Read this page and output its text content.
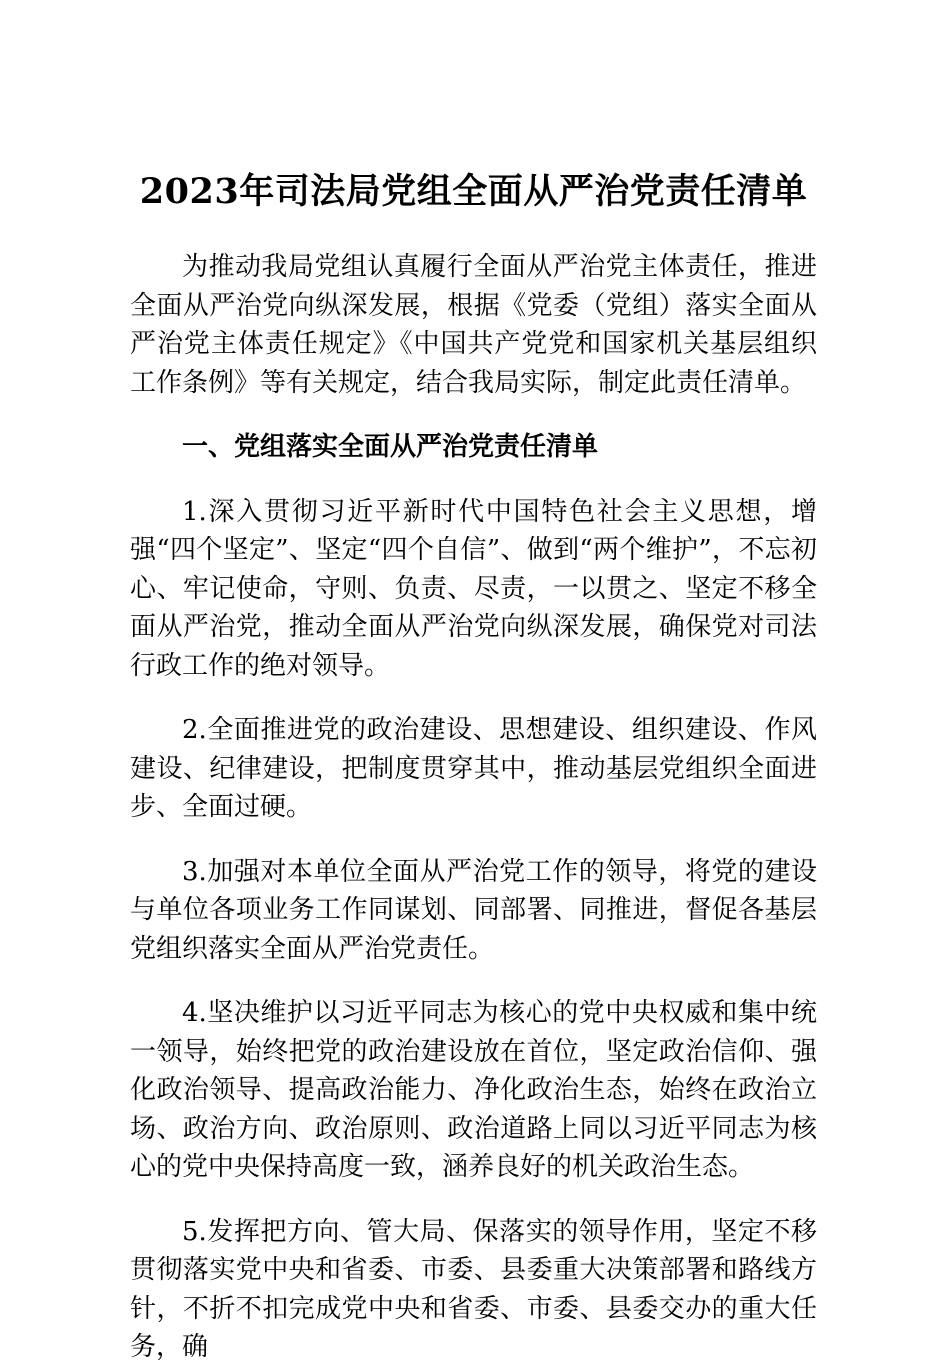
2023年司法局党组全面从严治党责任清单

为推动我局党组认真履行全面从严治党主体责任，推进全面从严治党向纵深发展，根据《党委（党组）落实全面从严治党主体责任规定》《中国共产党党和国家机关基层组织工作条例》等有关规定，结合我局实际，制定此责任清单。

一、党组落实全面从严治党责任清单

1.深入贯彻习近平新时代中国特色社会主义思想，增强“四个坚定”、坚定“四个自信”、做到“两个维护”，不忘初心、牢记使命，守则、负责、尽责，一以贯之、坚定不移全面从严治党，推动全面从严治党向纵深发展，确保党对司法行政工作的绝对领导。

2.全面推进党的政治建设、思想建设、组织建设、作风建设、纪律建设，把制度贯穿其中，推动基层党组织全面进步、全面过硬。

3.加强对本单位全面从严治党工作的领导，将党的建设与单位各项业务工作同谋划、同部署、同推进，督促各基层党组织落实全面从严治党责任。

4.坚决维护以习近平同志为核心的党中央权威和集中统一领导，始终把党的政治建设放在首位，坚定政治信仰、强化政治领导、提高政治能力、净化政治生态，始终在政治立场、政治方向、政治原则、政治道路上同以习近平同志为核心的党中央保持高度一致，涵养良好的机关政治生态。

5.发挥把方向、管大局、保落实的领导作用，坚定不移贯彻落实党中央和省委、市委、县委重大决策部署和路线方针，不折不扣完成党中央和省委、市委、县委交办的重大任务，确
